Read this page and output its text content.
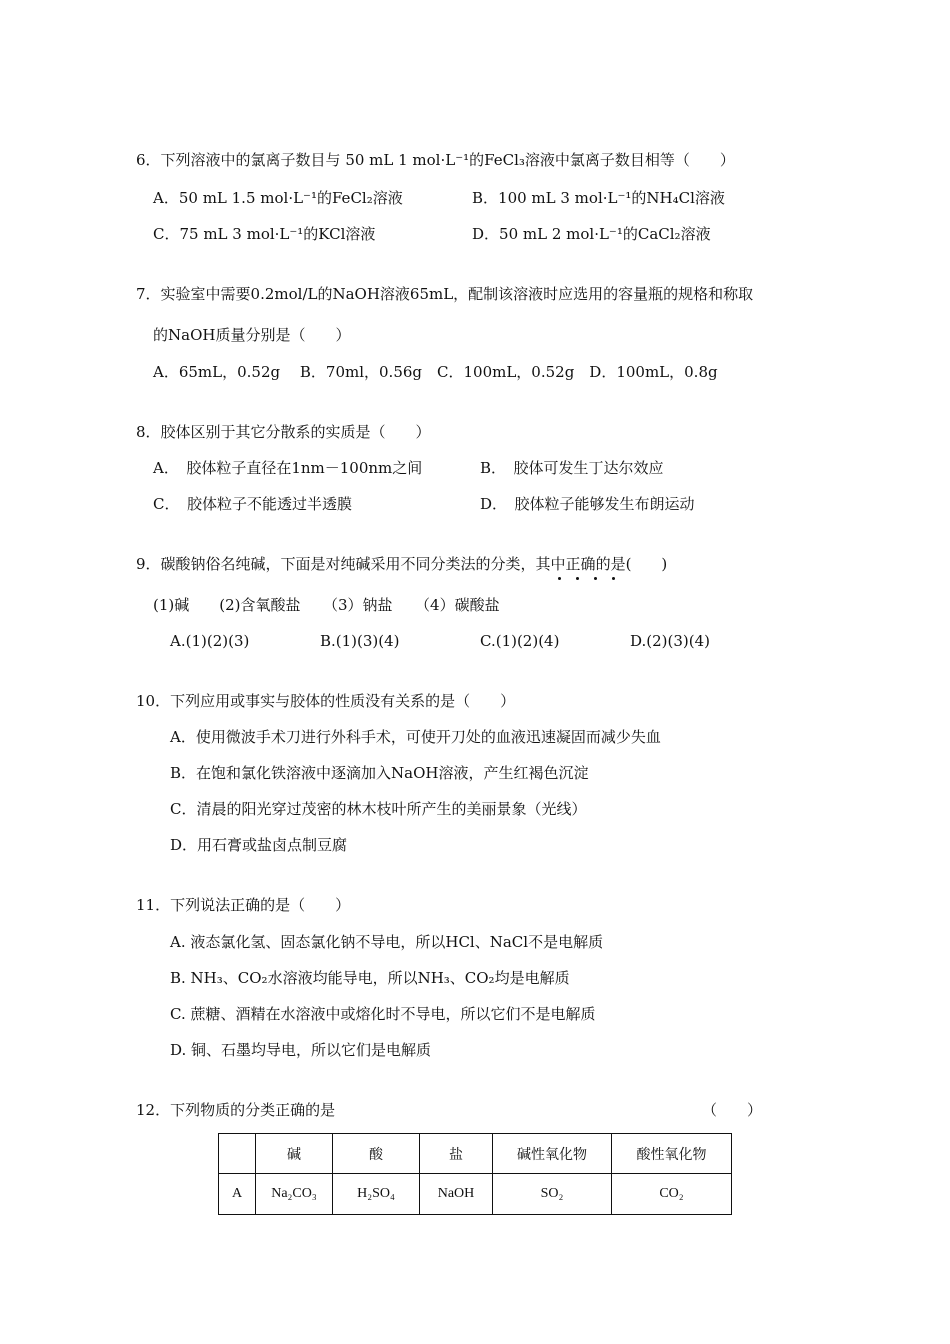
6．下列溶液中的氯离子数目与 50 mL 1 mol·L⁻¹的FeCl₃溶液中氯离子数目相等（　　）
A．50 mL 1.5 mol·L⁻¹的FeCl₂溶液	B．100 mL 3 mol·L⁻¹的NH₄Cl溶液
C．75 mL 3 mol·L⁻¹的KCl溶液	D．50 mL 2 mol·L⁻¹的CaCl₂溶液
7．实验室中需要0.2mol/L的NaOH溶液65mL，配制该溶液时应选用的容量瓶的规格和称取
的NaOH质量分别是（　　）
A．65mL，0.52g　 B．70ml，0.56g　C．100mL，0.52g　D．100mL，0.8g
8．胶体区别于其它分散系的实质是（　　）
A．　胶体粒子直径在1nm－100nm之间	B．　胶体可发生丁达尔效应
C．　胶体粒子不能透过半透膜	D．　胶体粒子能够发生布朗运动
9．碳酸钠俗名纯碱，下面是对纯碱采用不同分类法的分类，其中正确
的是(　　)
(1)碱　　(2)含氧酸盐　　（3）钠盐　　（4）碳酸盐
A.(1)(2)(3)	B.(1)(3)(4)	C.(1)(2)(4)	D.(2)(3)(4)
10．下列应用或事实与胶体的性质没有关系的是（　　）
A．使用微波手术刀进行外科手术，可使开刀处的血液迅速凝固而减少失血
B．在饱和氯化铁溶液中逐滴加入NaOH溶液，产生红褐色沉淀
C．清晨的阳光穿过茂密的林木枝叶所产生的美丽景象（光线）
D．用石膏或盐卤点制豆腐
11．下列说法正确的是（　　）
A. 液态氯化氢、固态氯化钠不导电，所以HCl、NaCl不是电解质
B. NH₃、CO₂水溶液均能导电，所以NH₃、CO₂均是电解质
C. 蔗糖、酒精在水溶液中或熔化时不导电，所以它们不是电解质
D. 铜、石墨均导电，所以它们是电解质
12．下列物质的分类正确的是	（　　）
	碱	酸	盐	碱性氧化物	酸性氧化物
A	Na₂CO₃	H₂SO₄	NaOH	SO₂	CO₂
